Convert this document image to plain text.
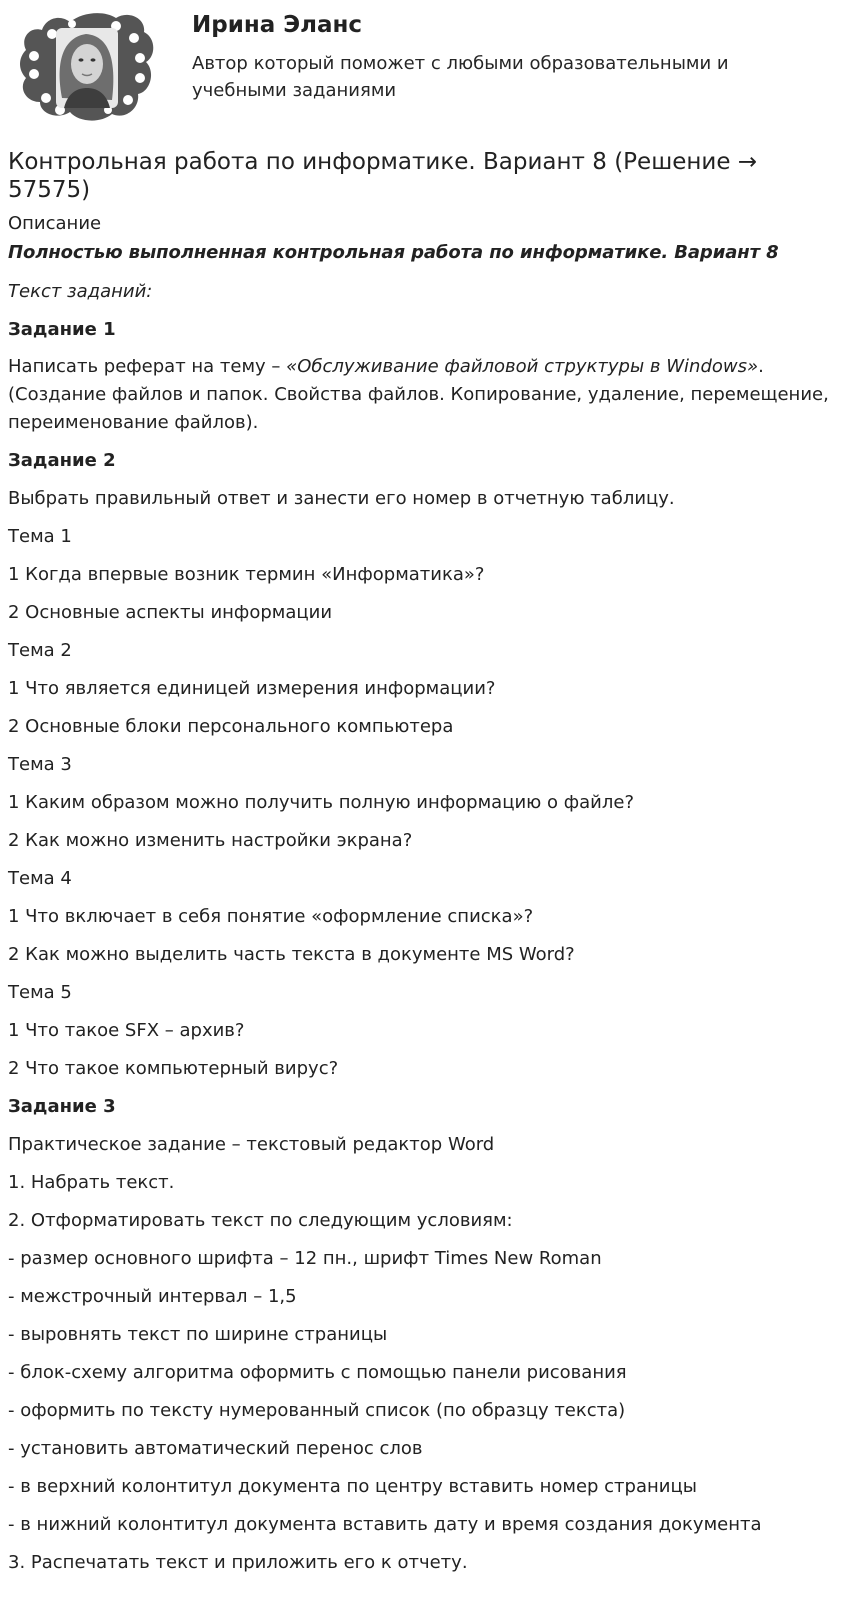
Ирина Эланс

Автор который поможет с любыми образовательными и учебными заданиями

Контрольная работа по информатике. Вариант 8 (Решение → 57575)
Описание

Полностью выполненная контрольная работа по информатике. Вариант 8

Текст заданий:

Задание 1

Написать реферат на тему – «Обслуживание файловой структуры в Windows». (Создание файлов и папок. Свойства файлов. Копирование, удаление, перемещение, переименование файлов).

Задание 2

Выбрать правильный ответ и занести его номер в отчетную таблицу.

Тема 1

1 Когда впервые возник термин «Информатика»?

2 Основные аспекты информации

Тема 2

1 Что является единицей измерения информации?

2 Основные блоки персонального компьютера

Тема 3

1 Каким образом можно получить полную информацию о файле?

2 Как можно изменить настройки экрана?

Тема 4

1 Что включает в себя понятие «оформление списка»?

2 Как можно выделить часть текста в документе MS Word?

Тема 5

1 Что такое SFX – архив?

2 Что такое компьютерный вирус?

Задание 3

Практическое задание – текстовый редактор Word

1. Набрать текст.

2. Отформатировать текст по следующим условиям:

- размер основного шрифта – 12 пн., шрифт Times New Roman

- межстрочный интервал – 1,5

- выровнять текст по ширине страницы

- блок-схему алгоритма оформить с помощью панели рисования

- оформить по тексту нумерованный список (по образцу текста)

- установить автоматический перенос слов

- в верхний колонтитул документа по центру вставить номер страницы

- в нижний колонтитул документа вставить дату и время создания документа

3. Распечатать текст и приложить его к отчету.
